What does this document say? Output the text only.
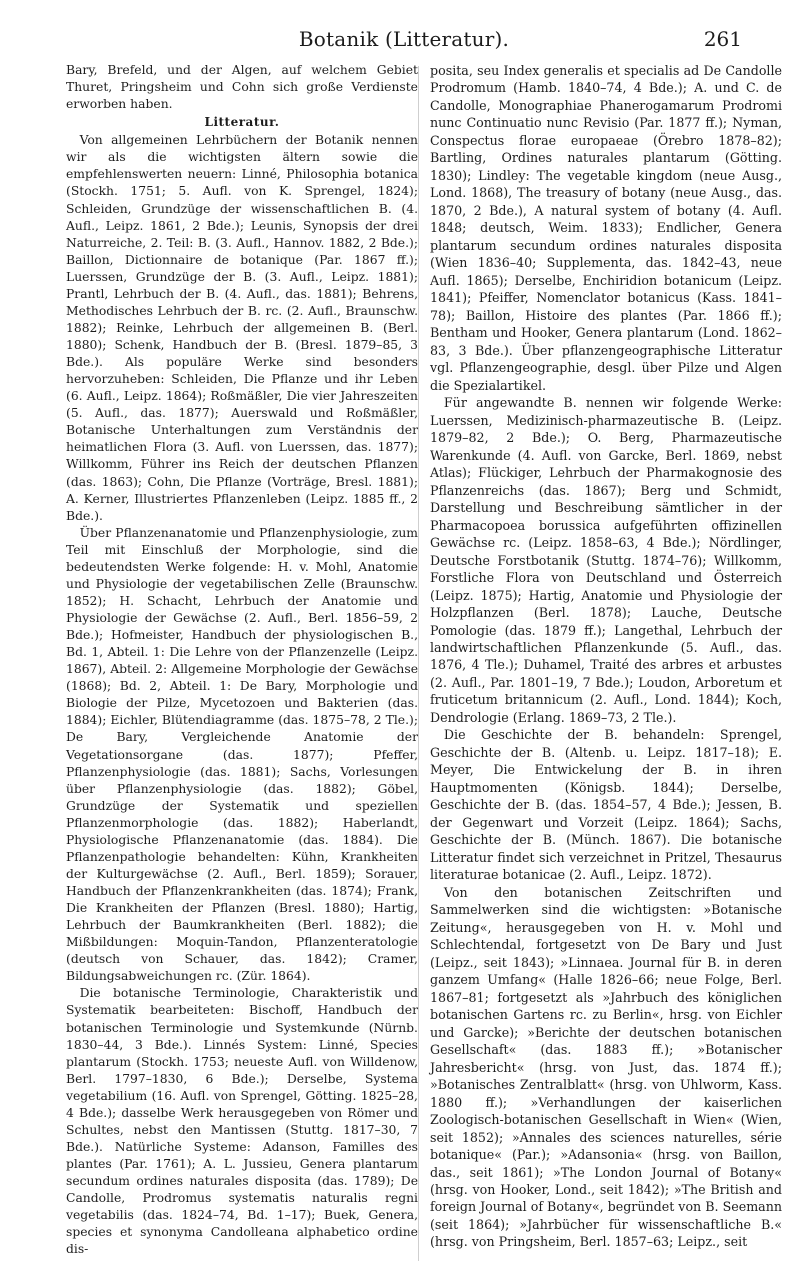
Botanik (Litteratur).	261

Bary, Brefeld, und der Algen, auf welchem Gebiet Thuret, Pringsheim und Cohn sich große Verdienste erworben haben.

Litteratur.

Von allgemeinen Lehrbüchern der Botanik nennen wir als die wichtigsten ältern sowie die empfehlenswerten neuern: Linné, Philosophia botanica (Stockh. 1751; 5. Aufl. von K. Sprengel, 1824); Schleiden, Grundzüge der wissenschaftlichen B. (4. Aufl., Leipz. 1861, 2 Bde.); Leunis, Synopsis der drei Naturreiche, 2. Teil: B. (3. Aufl., Hannov. 1882, 2 Bde.); Baillon, Dictionnaire de botanique (Par. 1867 ff.); Luerssen, Grundzüge der B. (3. Aufl., Leipz. 1881); Prantl, Lehrbuch der B. (4. Aufl., das. 1881); Behrens, Methodisches Lehrbuch der B. rc. (2. Aufl., Braunschw. 1882); Reinke, Lehrbuch der allgemeinen B. (Berl. 1880); Schenk, Handbuch der B. (Bresl. 1879–85, 3 Bde.). Als populäre Werke sind besonders hervorzuheben: Schleiden, Die Pflanze und ihr Leben (6. Aufl., Leipz. 1864); Roßmäßler, Die vier Jahreszeiten (5. Aufl., das. 1877); Auerswald und Roßmäßler, Botanische Unterhaltungen zum Verständnis der heimatlichen Flora (3. Aufl. von Luerssen, das. 1877); Willkomm, Führer ins Reich der deutschen Pflanzen (das. 1863); Cohn, Die Pflanze (Vorträge, Bresl. 1881); A. Kerner, Illustriertes Pflanzenleben (Leipz. 1885 ff., 2 Bde.).

Über Pflanzenanatomie und Pflanzenphysiologie, zum Teil mit Einschluß der Morphologie, sind die bedeutendsten Werke folgende: H. v. Mohl, Anatomie und Physiologie der vegetabilischen Zelle (Braunschw. 1852); H. Schacht, Lehrbuch der Anatomie und Physiologie der Gewächse (2. Aufl., Berl. 1856–59, 2 Bde.); Hofmeister, Handbuch der physiologischen B., Bd. 1, Abteil. 1: Die Lehre von der Pflanzenzelle (Leipz. 1867), Abteil. 2: Allgemeine Morphologie der Gewächse (1868); Bd. 2, Abteil. 1: De Bary, Morphologie und Biologie der Pilze, Mycetozoen und Bakterien (das. 1884); Eichler, Blütendiagramme (das. 1875–78, 2 Tle.); De Bary, Vergleichende Anatomie der Vegetationsorgane (das. 1877); Pfeffer, Pflanzenphysiologie (das. 1881); Sachs, Vorlesungen über Pflanzenphysiologie (das. 1882); Göbel, Grundzüge der Systematik und speziellen Pflanzenmorphologie (das. 1882); Haberlandt, Physiologische Pflanzenanatomie (das. 1884). Die Pflanzenpathologie behandelten: Kühn, Krankheiten der Kulturgewächse (2. Aufl., Berl. 1859); Sorauer, Handbuch der Pflanzenkrankheiten (das. 1874); Frank, Die Krankheiten der Pflanzen (Bresl. 1880); Hartig, Lehrbuch der Baumkrankheiten (Berl. 1882); die Mißbildungen: Moquin-Tandon, Pflanzenteratologie (deutsch von Schauer, das. 1842); Cramer, Bildungsabweichungen rc. (Zür. 1864).

Die botanische Terminologie, Charakteristik und Systematik bearbeiteten: Bischoff, Handbuch der botanischen Terminologie und Systemkunde (Nürnb. 1830–44, 3 Bde.). Linnés System: Linné, Species plantarum (Stockh. 1753; neueste Aufl. von Willdenow, Berl. 1797–1830, 6 Bde.); Derselbe, Systema vegetabilium (16. Aufl. von Sprengel, Götting. 1825–28, 4 Bde.); dasselbe Werk herausgegeben von Römer und Schultes, nebst den Mantissen (Stuttg. 1817–30, 7 Bde.). Natürliche Systeme: Adanson, Familles des plantes (Par. 1761); A. L. Jussieu, Genera plantarum secundum ordines naturales disposita (das. 1789); De Candolle, Prodromus systematis naturalis regni vegetabilis (das. 1824–74, Bd. 1–17); Buek, Genera, species et synonyma Candolleana alphabetico ordine dis-

posita, seu Index generalis et specialis ad De Candolle Prodromum (Hamb. 1840–74, 4 Bde.); A. und C. de Candolle, Monographiae Phanerogamarum Prodromi nunc Continuatio nunc Revisio (Par. 1877 ff.); Nyman, Conspectus florae europaeae (Örebro 1878–82); Bartling, Ordines naturales plantarum (Götting. 1830); Lindley: The vegetable kingdom (neue Ausg., Lond. 1868), The treasury of botany (neue Ausg., das. 1870, 2 Bde.), A natural system of botany (4. Aufl. 1848; deutsch, Weim. 1833); Endlicher, Genera plantarum secundum ordines naturales disposita (Wien 1836–40; Supplementa, das. 1842–43, neue Aufl. 1865); Derselbe, Enchiridion botanicum (Leipz. 1841); Pfeiffer, Nomenclator botanicus (Kass. 1841–78); Baillon, Histoire des plantes (Par. 1866 ff.); Bentham und Hooker, Genera plantarum (Lond. 1862–83, 3 Bde.). Über pflanzengeographische Litteratur vgl. Pflanzengeographie, desgl. über Pilze und Algen die Spezialartikel.

Für angewandte B. nennen wir folgende Werke: Luerssen, Medizinisch-pharmazeutische B. (Leipz. 1879–82, 2 Bde.); O. Berg, Pharmazeutische Warenkunde (4. Aufl. von Garcke, Berl. 1869, nebst Atlas); Flückiger, Lehrbuch der Pharmakognosie des Pflanzenreichs (das. 1867); Berg und Schmidt, Darstellung und Beschreibung sämtlicher in der Pharmacopoea borussica aufgeführten offizinellen Gewächse rc. (Leipz. 1858–63, 4 Bde.); Nördlinger, Deutsche Forstbotanik (Stuttg. 1874–76); Willkomm, Forstliche Flora von Deutschland und Österreich (Leipz. 1875); Hartig, Anatomie und Physiologie der Holzpflanzen (Berl. 1878); Lauche, Deutsche Pomologie (das. 1879 ff.); Langethal, Lehrbuch der landwirtschaftlichen Pflanzenkunde (5. Aufl., das. 1876, 4 Tle.); Duhamel, Traité des arbres et arbustes (2. Aufl., Par. 1801–19, 7 Bde.); Loudon, Arboretum et fruticetum britannicum (2. Aufl., Lond. 1844); Koch, Dendrologie (Erlang. 1869–73, 2 Tle.).

Die Geschichte der B. behandeln: Sprengel, Geschichte der B. (Altenb. u. Leipz. 1817–18); E. Meyer, Die Entwickelung der B. in ihren Hauptmomenten (Königsb. 1844); Derselbe, Geschichte der B. (das. 1854–57, 4 Bde.); Jessen, B. der Gegenwart und Vorzeit (Leipz. 1864); Sachs, Geschichte der B. (Münch. 1867). Die botanische Litteratur findet sich verzeichnet in Pritzel, Thesaurus literaturae botanicae (2. Aufl., Leipz. 1872).

Von den botanischen Zeitschriften und Sammelwerken sind die wichtigsten: »Botanische Zeitung«, herausgegeben von H. v. Mohl und Schlechtendal, fortgesetzt von De Bary und Just (Leipz., seit 1843); »Linnaea. Journal für B. in deren ganzem Umfang« (Halle 1826–66; neue Folge, Berl. 1867–81; fortgesetzt als »Jahrbuch des königlichen botanischen Gartens rc. zu Berlin«, hrsg. von Eichler und Garcke); »Berichte der deutschen botanischen Gesellschaft« (das. 1883 ff.); »Botanischer Jahresbericht« (hrsg. von Just, das. 1874 ff.); »Botanisches Zentralblatt« (hrsg. von Uhlworm, Kass. 1880 ff.); »Verhandlungen der kaiserlichen Zoologisch-botanischen Gesellschaft in Wien« (Wien, seit 1852); »Annales des sciences naturelles, série botanique« (Par.); »Adansonia« (hrsg. von Baillon, das., seit 1861); »The London Journal of Botany« (hrsg. von Hooker, Lond., seit 1842); »The British and foreign Journal of Botany«, begründet von B. Seemann (seit 1864); »Jahrbücher für wissenschaftliche B.« (hrsg. von Pringsheim, Berl. 1857–63; Leipz., seit
